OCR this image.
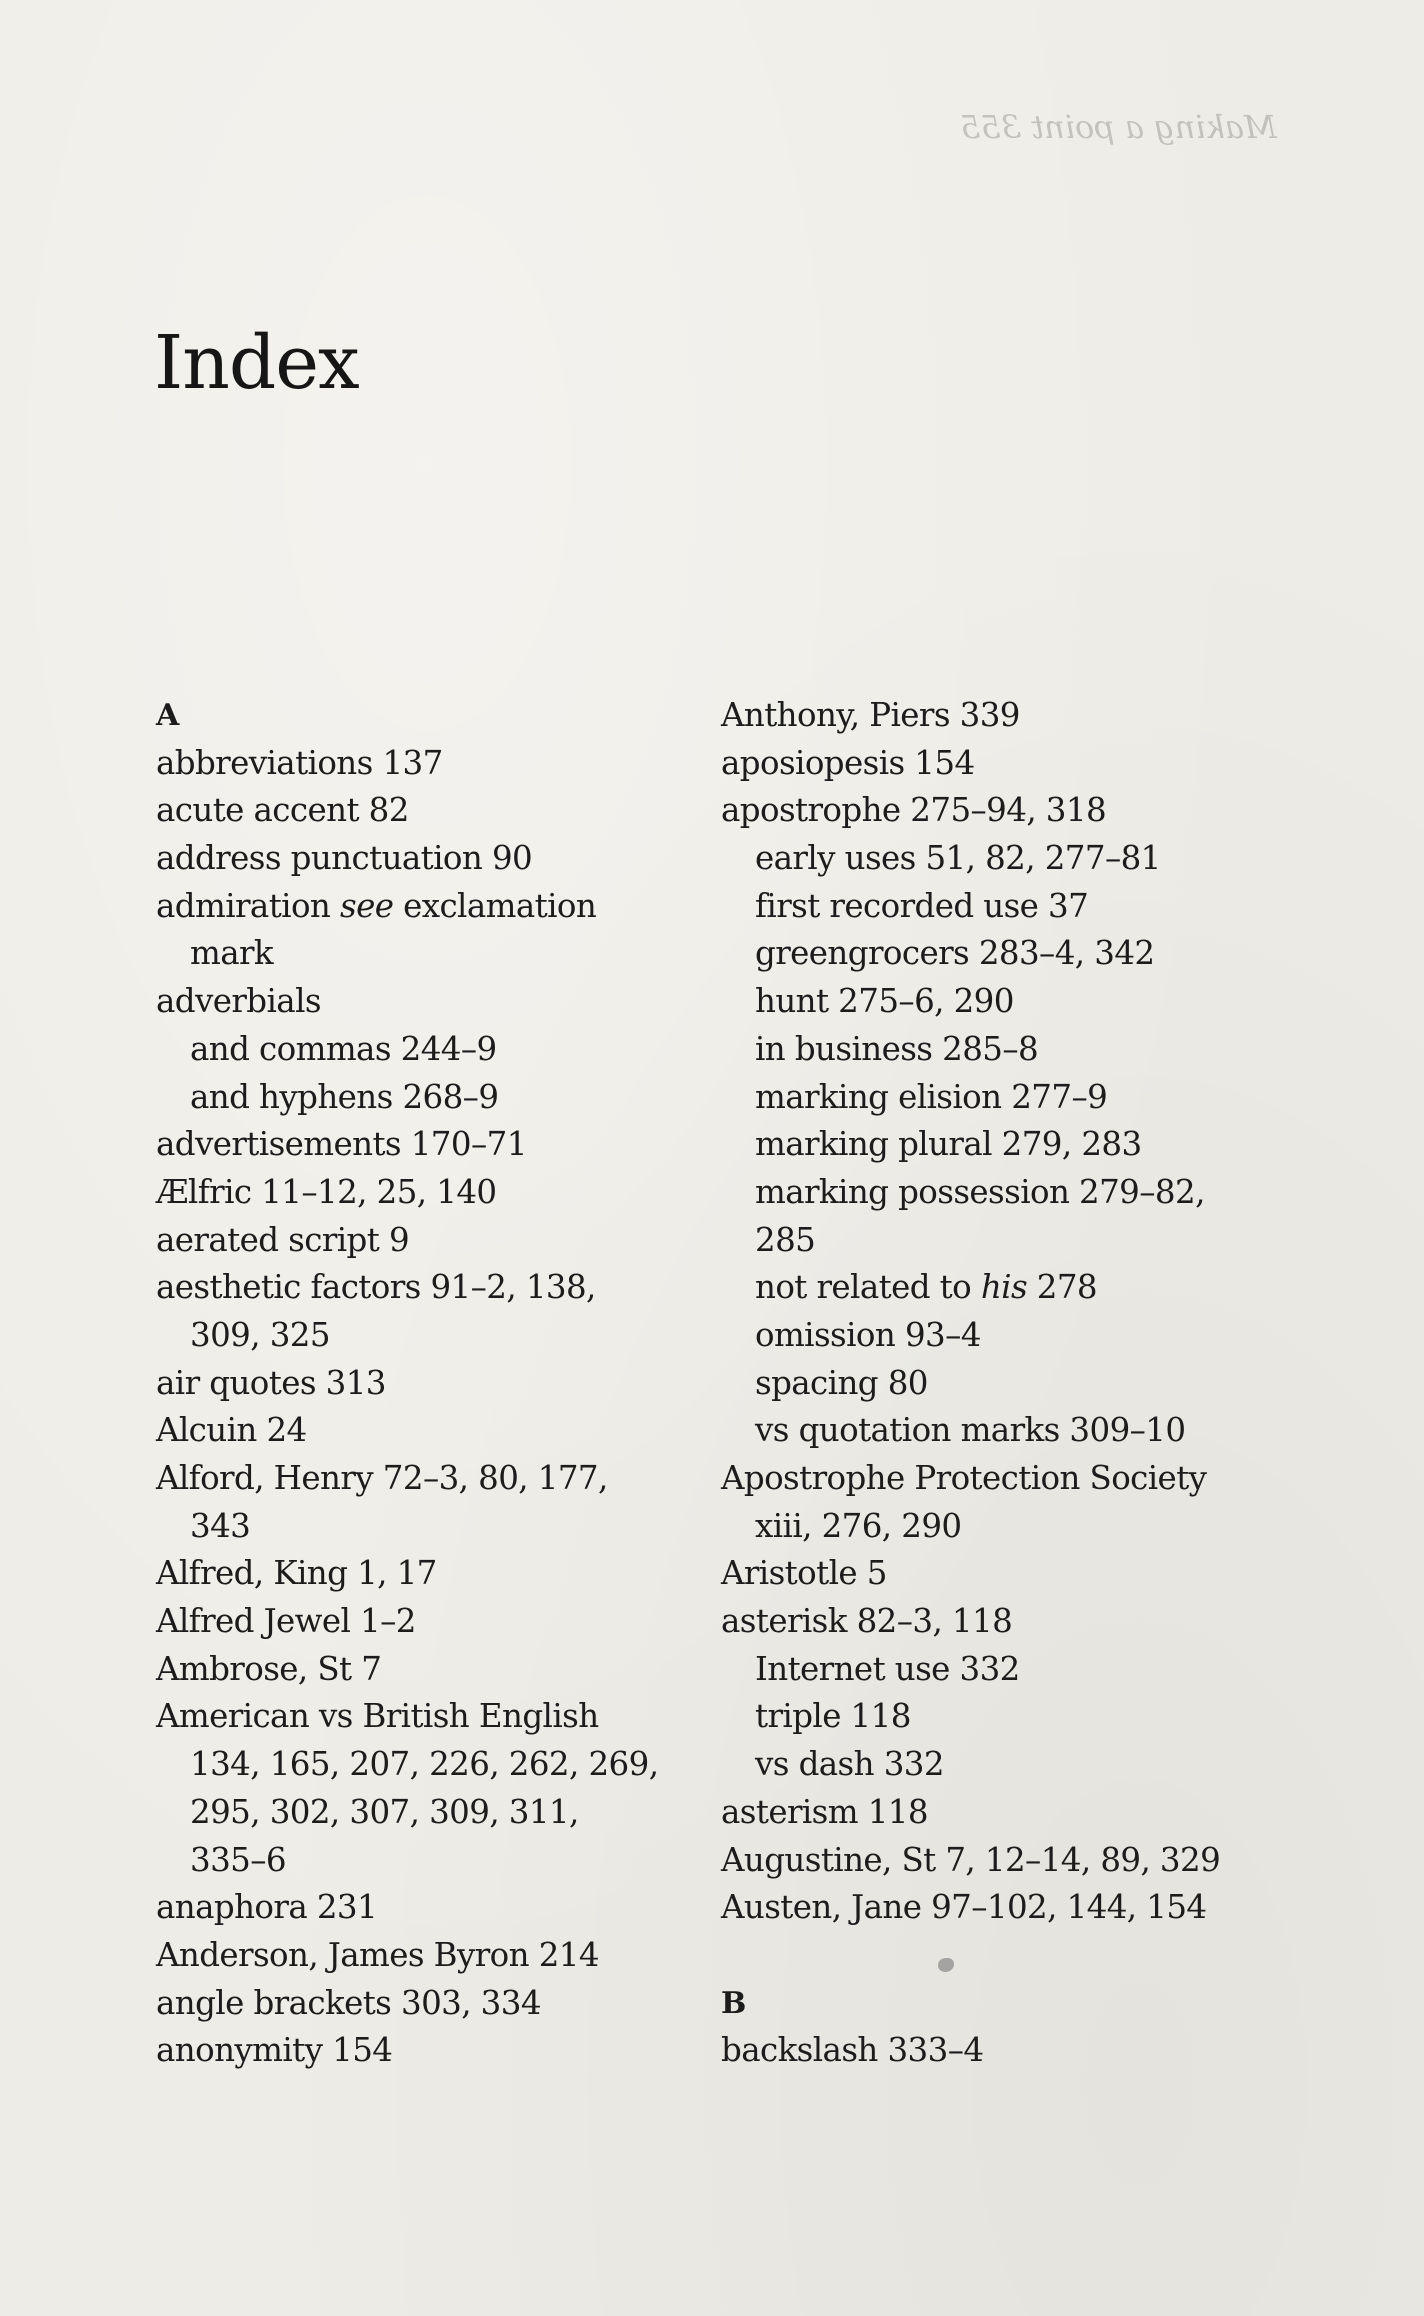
Making a point 355
Index
A
abbreviations 137
acute accent 82
address punctuation 90
admiration see exclamation
mark
adverbials
and commas 244–9
and hyphens 268–9
advertisements 170–71
Ælfric 11–12, 25, 140
aerated script 9
aesthetic factors 91–2, 138,
309, 325
air quotes 313
Alcuin 24
Alford, Henry 72–3, 80, 177,
343
Alfred, King 1, 17
Alfred Jewel 1–2
Ambrose, St 7
American vs British English
134, 165, 207, 226, 262, 269,
295, 302, 307, 309, 311,
335–6
anaphora 231
Anderson, James Byron 214
angle brackets 303, 334
anonymity 154
Anthony, Piers 339
aposiopesis 154
apostrophe 275–94, 318
early uses 51, 82, 277–81
first recorded use 37
greengrocers 283–4, 342
hunt 275–6, 290
in business 285–8
marking elision 277–9
marking plural 279, 283
marking possession 279–82,
285
not related to his 278
omission 93–4
spacing 80
vs quotation marks 309–10
Apostrophe Protection Society
xiii, 276, 290
Aristotle 5
asterisk 82–3, 118
Internet use 332
triple 118
vs dash 332
asterism 118
Augustine, St 7, 12–14, 89, 329
Austen, Jane 97–102, 144, 154
B
backslash 333–4
